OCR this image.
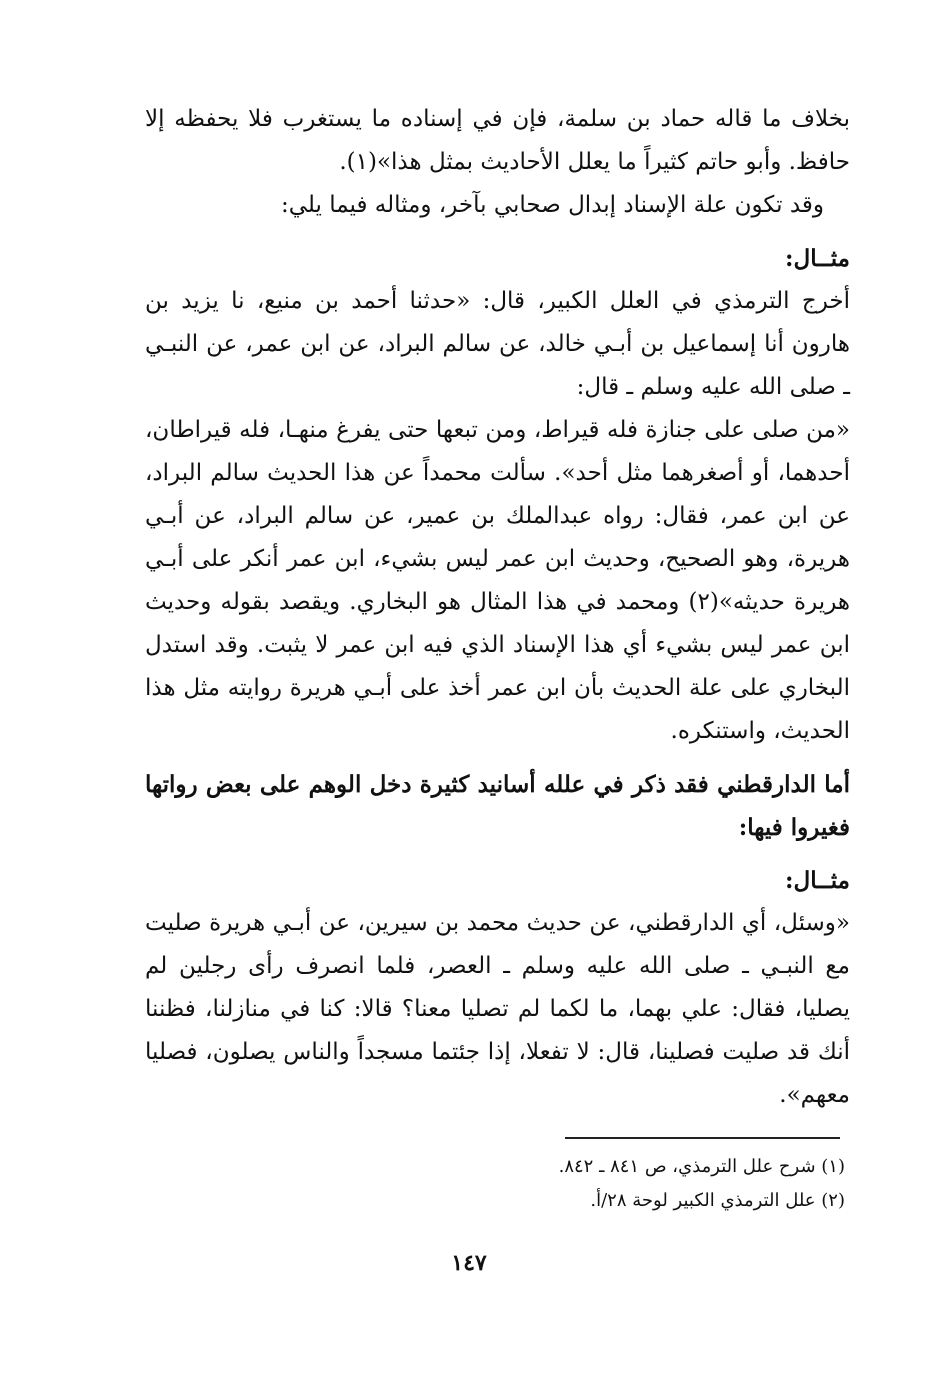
بخلاف ما قاله حماد بن سلمة، فإن في إسناده ما يستغرب فلا يحفظه إلا حافظ. وأبو حاتم كثيراً ما يعلل الأحاديث بمثل هذا»(١).

وقد تكون علة الإسناد إبدال صحابي بآخر، ومثاله فيما يلي:

مثــال:

أخرج الترمذي في العلل الكبير، قال: «حدثنا أحمد بن منيع، نا يزيد بن هارون أنا إسماعيل بن أبـي خالد، عن سالم البراد، عن ابن عمر، عن النبـي ـ صلى الله عليه وسلم ـ قال:

«من صلى على جنازة فله قيراط، ومن تبعها حتى يفرغ منهـا، فله قيراطان، أحدهما، أو أصغرهما مثل أحد». سألت محمداً عن هذا الحديث سالم البراد، عن ابن عمر، فقال: رواه عبدالملك بن عمير، عن سالم البراد، عن أبـي هريرة، وهو الصحيح، وحديث ابن عمر ليس بشيء، ابن عمر أنكر على أبـي هريرة حديثه»(٢) ومحمد في هذا المثال هو البخاري. ويقصد بقوله وحديث ابن عمر ليس بشيء أي هذا الإسناد الذي فيه ابن عمر لا يثبت. وقد استدل البخاري على علة الحديث بأن ابن عمر أخذ على أبـي هريرة روايته مثل هذا الحديث، واستنكره.

أما الدارقطني فقد ذكر في علله أسانيد كثيرة دخل الوهم على بعض رواتها فغيروا فيها:

مثــال:

«وسئل، أي الدارقطني، عن حديث محمد بن سيرين، عن أبـي هريرة صليت مع النبـي ـ صلى الله عليه وسلم ـ العصر، فلما انصرف رأى رجلين لم يصليا، فقال: علي بهما، ما لكما لم تصليا معنا؟ قالا: كنا في منازلنا، فظننا أنك قد صليت فصلينا، قال: لا تفعلا، إذا جئتما مسجداً والناس يصلون، فصليا معهم».

(١) شرح علل الترمذي، ص ٨٤١ ـ ٨٤٢.

(٢) علل الترمذي الكبير لوحة ٢٨/أ.

١٤٧
